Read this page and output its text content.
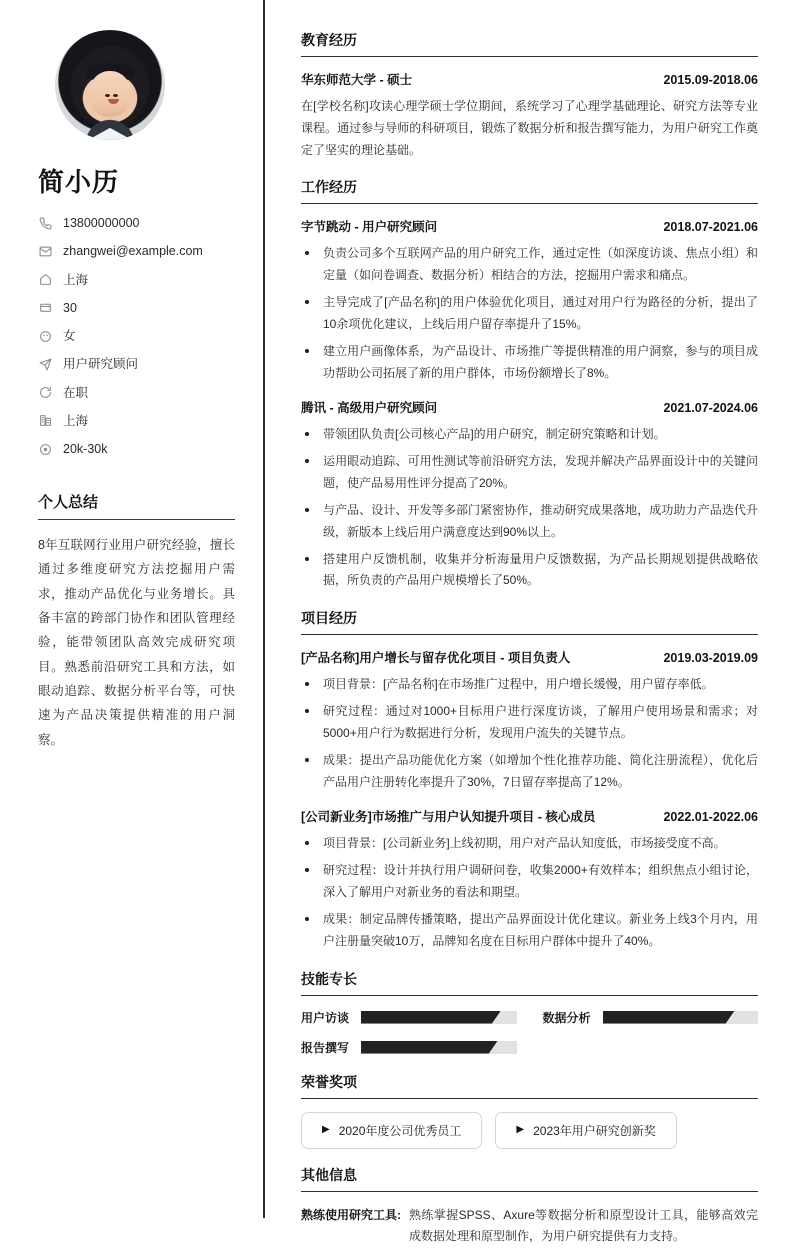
简小历
13800000000
zhangwei@example.com
上海
30
女
用户研究顾问
在职
上海
20k-30k
个人总结

8年互联网行业用户研究经验，擅长通过多维度研究方法挖掘用户需求，推动产品优化与业务增长。具备丰富的跨部门协作和团队管理经验，能带领团队高效完成研究项目。熟悉前沿研究工具和方法，如眼动追踪、数据分析平台等，可快速为产品决策提供精准的用户洞察。

教育经历
华东师范大学 - 硕士	2015.09-2018.06

在[学校名称]攻读心理学硕士学位期间，系统学习了心理学基础理论、研究方法等专业课程。通过参与导师的科研项目，锻炼了数据分析和报告撰写能力，为用户研究工作奠定了坚实的理论基础。

工作经历
字节跳动 - 用户研究顾问	2018.07-2021.06
负责公司多个互联网产品的用户研究工作，通过定性（如深度访谈、焦点小组）和定量（如问卷调查、数据分析）相结合的方法，挖掘用户需求和痛点。
主导完成了[产品名称]的用户体验优化项目，通过对用户行为路径的分析，提出了10余项优化建议，上线后用户留存率提升了15%。
建立用户画像体系，为产品设计、市场推广等提供精准的用户洞察，参与的项目成功帮助公司拓展了新的用户群体，市场份额增长了8%。
腾讯 - 高级用户研究顾问	2021.07-2024.06
带领团队负责[公司核心产品]的用户研究，制定研究策略和计划。
运用眼动追踪、可用性测试等前沿研究方法，发现并解决产品界面设计中的关键问题，使产品易用性评分提高了20%。
与产品、设计、开发等多部门紧密协作，推动研究成果落地，成功助力产品迭代升级，新版本上线后用户满意度达到90%以上。
搭建用户反馈机制，收集并分析海量用户反馈数据，为产品长期规划提供战略依据，所负责的产品用户规模增长了50%。
项目经历
[产品名称]用户增长与留存优化项目 - 项目负责人	2019.03-2019.09
项目背景：[产品名称]在市场推广过程中，用户增长缓慢，用户留存率低。
研究过程：通过对1000+目标用户进行深度访谈，了解用户使用场景和需求；对5000+用户行为数据进行分析，发现用户流失的关键节点。
成果：提出产品功能优化方案（如增加个性化推荐功能、简化注册流程），优化后产品用户注册转化率提升了30%，7日留存率提高了12%。
[公司新业务]市场推广与用户认知提升项目 - 核心成员	2022.01-2022.06
项目背景：[公司新业务]上线初期，用户对产品认知度低，市场接受度不高。
研究过程：设计并执行用户调研问卷，收集2000+有效样本；组织焦点小组讨论，深入了解用户对新业务的看法和期望。
成果：制定品牌传播策略，提出产品界面设计优化建议。新业务上线3个月内，用户注册量突破10万，品牌知名度在目标用户群体中提升了40%。
技能专长
用户访谈	数据分析
报告撰写
荣誉奖项
▶ 2020年度公司优秀员工	▶ 2023年用户研究创新奖
其他信息
熟练使用研究工具: 熟练掌握SPSS、Axure等数据分析和原型设计工具，能够高效完成数据处理和原型制作，为用户研究提供有力支持。
